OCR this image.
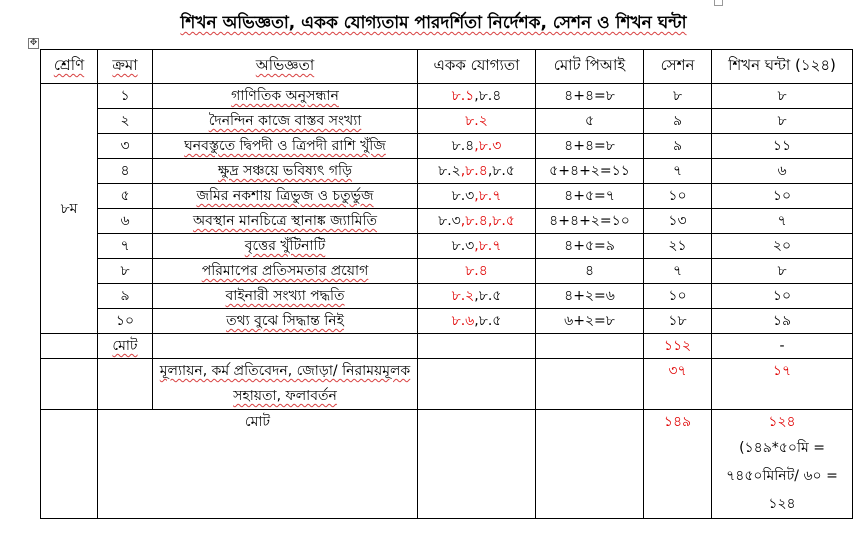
শিখন অভিজ্ঞতা, একক যোগ্যতাম পারদর্শিতা নির্দেশক, সেশন ও শিখন ঘন্টা
✥
শ্রেণি	ক্রমা	অভিজ্ঞতা	একক যোগ্যতা	মোট পিআই	সেশন	শিখন ঘন্টা (১২৪)
৮ম	১	গাণিতিক অনুসন্ধান	৮.১,৮.৪	৪+৪=৮	৮	৮
	২	দৈনন্দিন কাজে বাস্তব সংখ্যা	৮.২	৫	৯	৮
	৩	ঘনবস্তুতে দ্বিপদী ও ত্রিপদী রাশি খুঁজি	৮.৪,৮.৩	৪+৪=৮	৯	১১
	৪	ক্ষুদ্র সঞ্চয়ে ভবিষ্যৎ গড়ি	৮.২,৮.৪,৮.৫	৫+৪+২=১১	৭	৬
	৫	জমির নকশায় ত্রিভুজ ও চতুর্ভুজ	৮.৩,৮.৭	৪+৫=৭	১০	১০
	৬	অবস্থান মানচিত্রে স্থানাঙ্ক জ্যামিতি	৮.৩,৮.৪,৮.৫	৪+৪+২=১০	১৩	৭
	৭	বৃত্তের খুঁটিনাটি	৮.৩,৮.৭	৪+৫=৯	২১	২০
	৮	পরিমাপের প্রতিসমতার প্রয়োগ	৮.৪	৪	৭	৮
	৯	বাইনারী সংখ্যা পদ্ধতি	৮.২,৮.৫	৪+২=৬	১০	১০
	১০	তথ্য বুঝে সিদ্ধান্ত নিই	৮.৬,৮.৫	৬+২=৮	১৮	১৯
	মোট				১১২	-
		মূল্যায়ন, কর্ম প্রতিবেদন, জোড়া/ নিরাময়মূলক সহায়তা, ফলাবর্তন			৩৭	১৭
	মোট				১৪৯	১২৪
(১৪৯*৫০মি = ৭৪৫০মিনিট/ ৬০ = ১২৪
